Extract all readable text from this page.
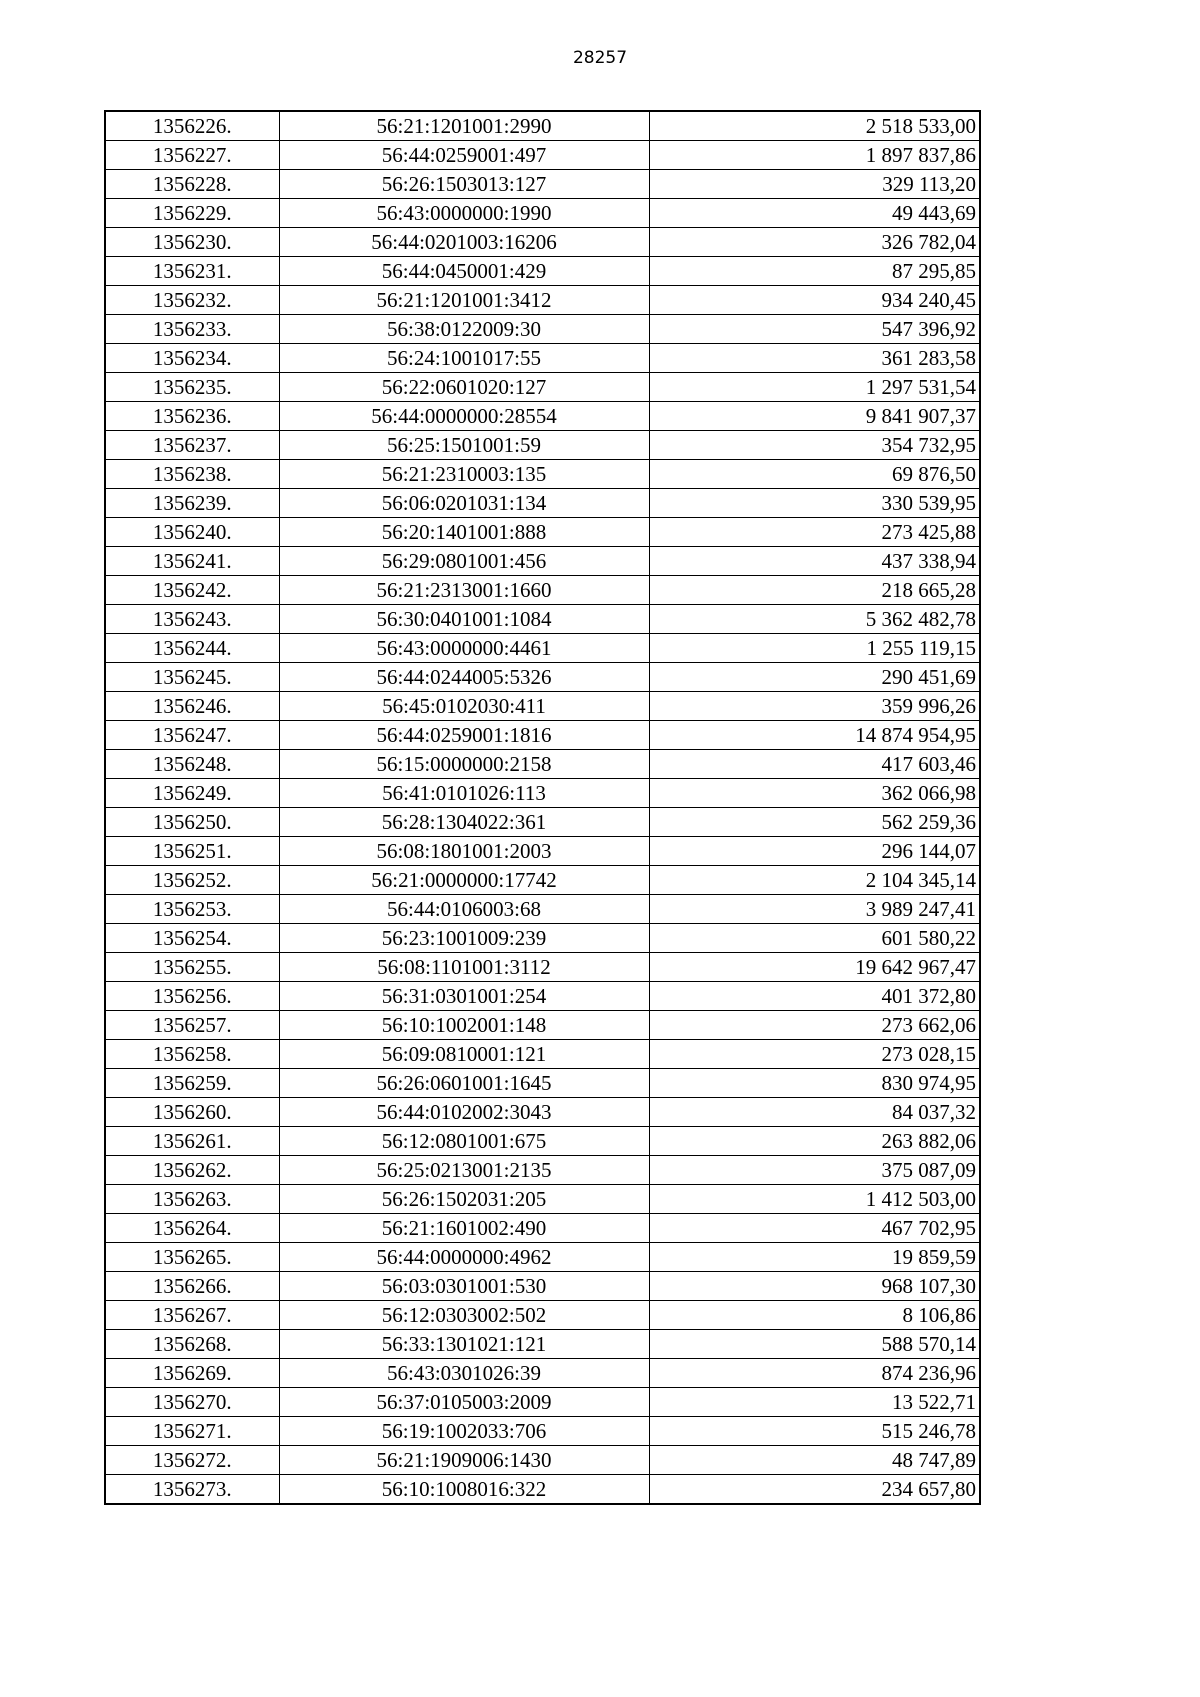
28257
1356226.	56:21:1201001:2990	2 518 533,00
1356227.	56:44:0259001:497	1 897 837,86
1356228.	56:26:1503013:127	329 113,20
1356229.	56:43:0000000:1990	49 443,69
1356230.	56:44:0201003:16206	326 782,04
1356231.	56:44:0450001:429	87 295,85
1356232.	56:21:1201001:3412	934 240,45
1356233.	56:38:0122009:30	547 396,92
1356234.	56:24:1001017:55	361 283,58
1356235.	56:22:0601020:127	1 297 531,54
1356236.	56:44:0000000:28554	9 841 907,37
1356237.	56:25:1501001:59	354 732,95
1356238.	56:21:2310003:135	69 876,50
1356239.	56:06:0201031:134	330 539,95
1356240.	56:20:1401001:888	273 425,88
1356241.	56:29:0801001:456	437 338,94
1356242.	56:21:2313001:1660	218 665,28
1356243.	56:30:0401001:1084	5 362 482,78
1356244.	56:43:0000000:4461	1 255 119,15
1356245.	56:44:0244005:5326	290 451,69
1356246.	56:45:0102030:411	359 996,26
1356247.	56:44:0259001:1816	14 874 954,95
1356248.	56:15:0000000:2158	417 603,46
1356249.	56:41:0101026:113	362 066,98
1356250.	56:28:1304022:361	562 259,36
1356251.	56:08:1801001:2003	296 144,07
1356252.	56:21:0000000:17742	2 104 345,14
1356253.	56:44:0106003:68	3 989 247,41
1356254.	56:23:1001009:239	601 580,22
1356255.	56:08:1101001:3112	19 642 967,47
1356256.	56:31:0301001:254	401 372,80
1356257.	56:10:1002001:148	273 662,06
1356258.	56:09:0810001:121	273 028,15
1356259.	56:26:0601001:1645	830 974,95
1356260.	56:44:0102002:3043	84 037,32
1356261.	56:12:0801001:675	263 882,06
1356262.	56:25:0213001:2135	375 087,09
1356263.	56:26:1502031:205	1 412 503,00
1356264.	56:21:1601002:490	467 702,95
1356265.	56:44:0000000:4962	19 859,59
1356266.	56:03:0301001:530	968 107,30
1356267.	56:12:0303002:502	8 106,86
1356268.	56:33:1301021:121	588 570,14
1356269.	56:43:0301026:39	874 236,96
1356270.	56:37:0105003:2009	13 522,71
1356271.	56:19:1002033:706	515 246,78
1356272.	56:21:1909006:1430	48 747,89
1356273.	56:10:1008016:322	234 657,80
